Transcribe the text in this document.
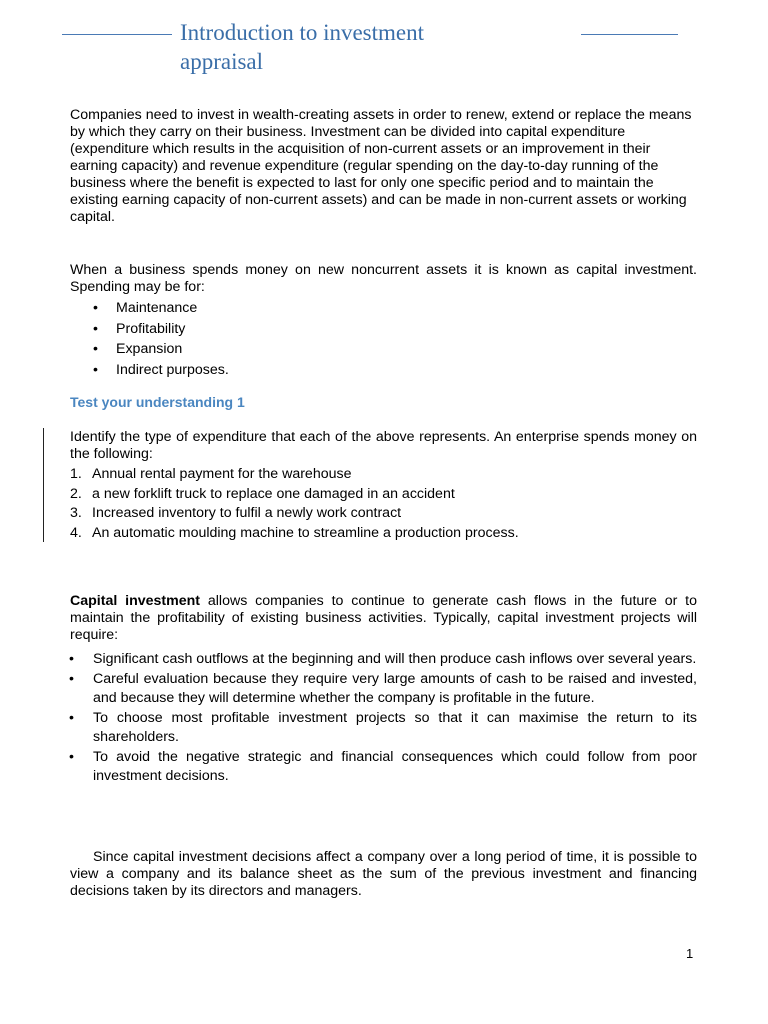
Introduction to investment
appraisal

Companies need to invest in wealth-creating assets in order to renew, extend or replace the means by which they carry on their business. Investment can be divided into capital expenditure (expenditure which results in the acquisition of non-current assets or an improvement in their earning capacity) and revenue expenditure (regular spending on the day-to-day running of the business where the benefit is expected to last for only one specific period and to maintain the existing earning capacity of non-current assets) and can be made in non-current assets or working capital.

When a business spends money on new noncurrent assets it is known as capital investment. Spending may be for:

• Maintenance
• Profitability
• Expansion
• Indirect purposes.
Test your understanding 1

Identify the type of expenditure that each of the above represents. An enterprise spends money on the following:

1. Annual rental payment for the warehouse
2. a new forklift truck to replace one damaged in an accident
3. Increased inventory to fulfil a newly work contract
4. An automatic moulding machine to streamline a production process.

Capital investment allows companies to continue to generate cash flows in the future or to maintain the profitability of existing business activities. Typically, capital investment projects will require:

• Significant cash outflows at the beginning and will then produce cash inflows over several years.
• Careful evaluation because they require very large amounts of cash to be raised and invested, and because they will determine whether the company is profitable in the future.
• To choose most profitable investment projects so that it can maximise the return to its shareholders.
• To avoid the negative strategic and financial consequences which could follow from poor investment decisions.

Since capital investment decisions affect a company over a long period of time, it is possible to view a company and its balance sheet as the sum of the previous investment and financing decisions taken by its directors and managers.

1
